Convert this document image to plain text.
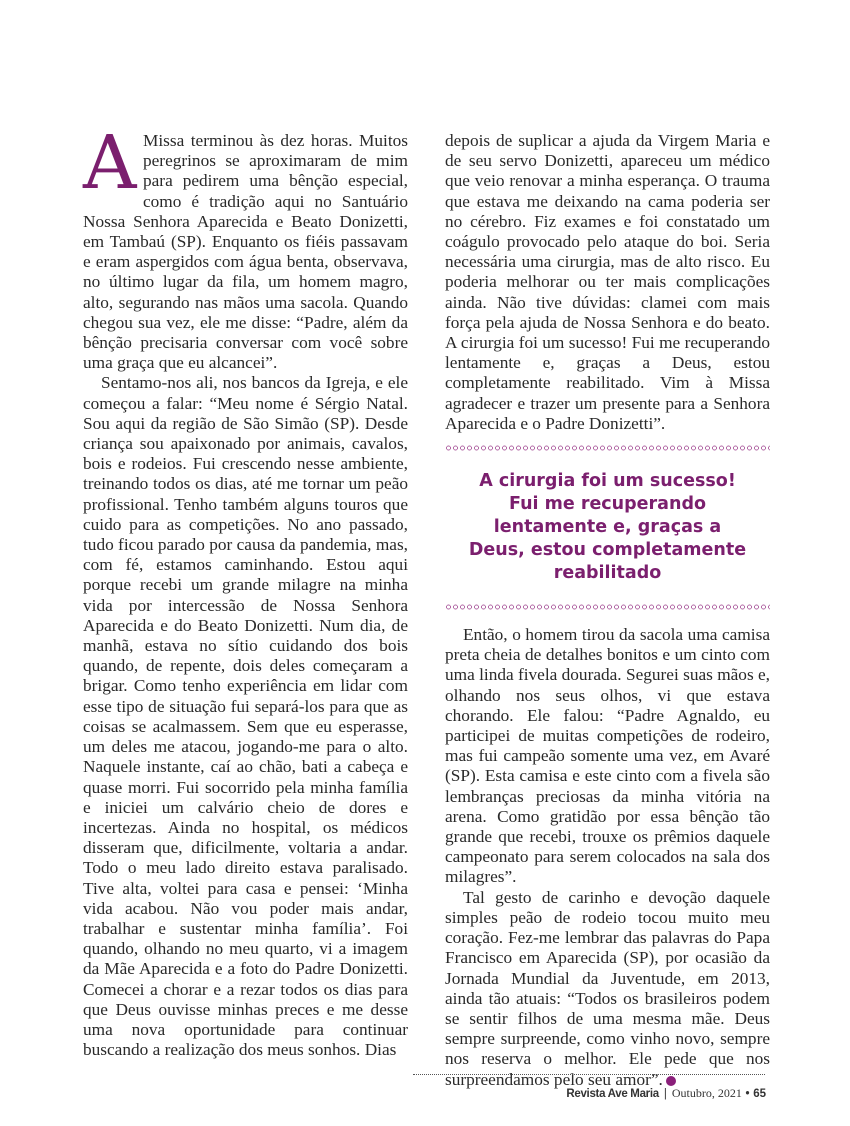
A Missa terminou às dez horas. Muitos peregrinos se aproximaram de mim para pedirem uma bênção especial, como é tradição aqui no Santuário Nossa Senhora Aparecida e Beato Donizetti, em Tambaú (SP). Enquanto os fiéis passavam e eram aspergidos com água benta, observava, no último lugar da fila, um homem magro, alto, segurando nas mãos uma sacola. Quando chegou sua vez, ele me disse: “Padre, além da bênção precisaria conversar com você sobre uma graça que eu alcancei”.

Sentamo-nos ali, nos bancos da Igreja, e ele começou a falar: “Meu nome é Sérgio Natal. Sou aqui da região de São Simão (SP). Desde criança sou apaixonado por animais, cavalos, bois e rodeios. Fui crescendo nesse ambiente, treinando todos os dias, até me tornar um peão profissional. Tenho também alguns touros que cuido para as competições. No ano passado, tudo ficou parado por causa da pandemia, mas, com fé, estamos caminhando. Estou aqui porque recebi um grande milagre na minha vida por intercessão de Nossa Senhora Aparecida e do Beato Donizetti. Num dia, de manhã, estava no sítio cuidando dos bois quando, de repente, dois deles começaram a brigar. Como tenho experiência em lidar com esse tipo de situação fui separá-los para que as coisas se acalmassem. Sem que eu esperasse, um deles me atacou, jogando-me para o alto. Naquele instante, caí ao chão, bati a cabeça e quase morri. Fui socorrido pela minha família e iniciei um calvário cheio de dores e incertezas. Ainda no hospital, os médicos disseram que, dificilmente, voltaria a andar. Todo o meu lado direito estava paralisado. Tive alta, voltei para casa e pensei: ‘Minha vida acabou. Não vou poder mais andar, trabalhar e sustentar minha família’. Foi quando, olhando no meu quarto, vi a imagem da Mãe Aparecida e a foto do Padre Donizetti. Comecei a chorar e a rezar todos os dias para que Deus ouvisse minhas preces e me desse uma nova oportunidade para continuar buscando a realização dos meus sonhos. Dias

depois de suplicar a ajuda da Virgem Maria e de seu servo Donizetti, apareceu um médico que veio renovar a minha esperança. O trauma que estava me deixando na cama poderia ser no cérebro. Fiz exames e foi constatado um coágulo provocado pelo ataque do boi. Seria necessária uma cirurgia, mas de alto risco. Eu poderia melhorar ou ter mais complicações ainda. Não tive dúvidas: clamei com mais força pela ajuda de Nossa Senhora e do beato. A cirurgia foi um sucesso! Fui me recuperando lentamente e, graças a Deus, estou completamente reabilitado. Vim à Missa agradecer e trazer um presente para a Senhora Aparecida e o Padre Donizetti”.

A cirurgia foi um sucesso! Fui me recuperando lentamente e, graças a Deus, estou completamente reabilitado

Então, o homem tirou da sacola uma camisa preta cheia de detalhes bonitos e um cinto com uma linda fivela dourada. Segurei suas mãos e, olhando nos seus olhos, vi que estava chorando. Ele falou: “Padre Agnaldo, eu participei de muitas competições de rodeiro, mas fui campeão somente uma vez, em Avaré (SP). Esta camisa e este cinto com a fivela são lembranças preciosas da minha vitória na arena. Como gratidão por essa bênção tão grande que recebi, trouxe os prêmios daquele campeonato para serem colocados na sala dos milagres”.

Tal gesto de carinho e devoção daquele simples peão de rodeio tocou muito meu coração. Fez-me lembrar das palavras do Papa Francisco em Aparecida (SP), por ocasião da Jornada Mundial da Juventude, em 2013, ainda tão atuais: “Todos os brasileiros podem se sentir filhos de uma mesma mãe. Deus sempre surpreende, como vinho novo, sempre nos reserva o melhor. Ele pede que nos surpreendamos pelo seu amor”.

Revista Ave Maria | Outubro, 2021 • 65
